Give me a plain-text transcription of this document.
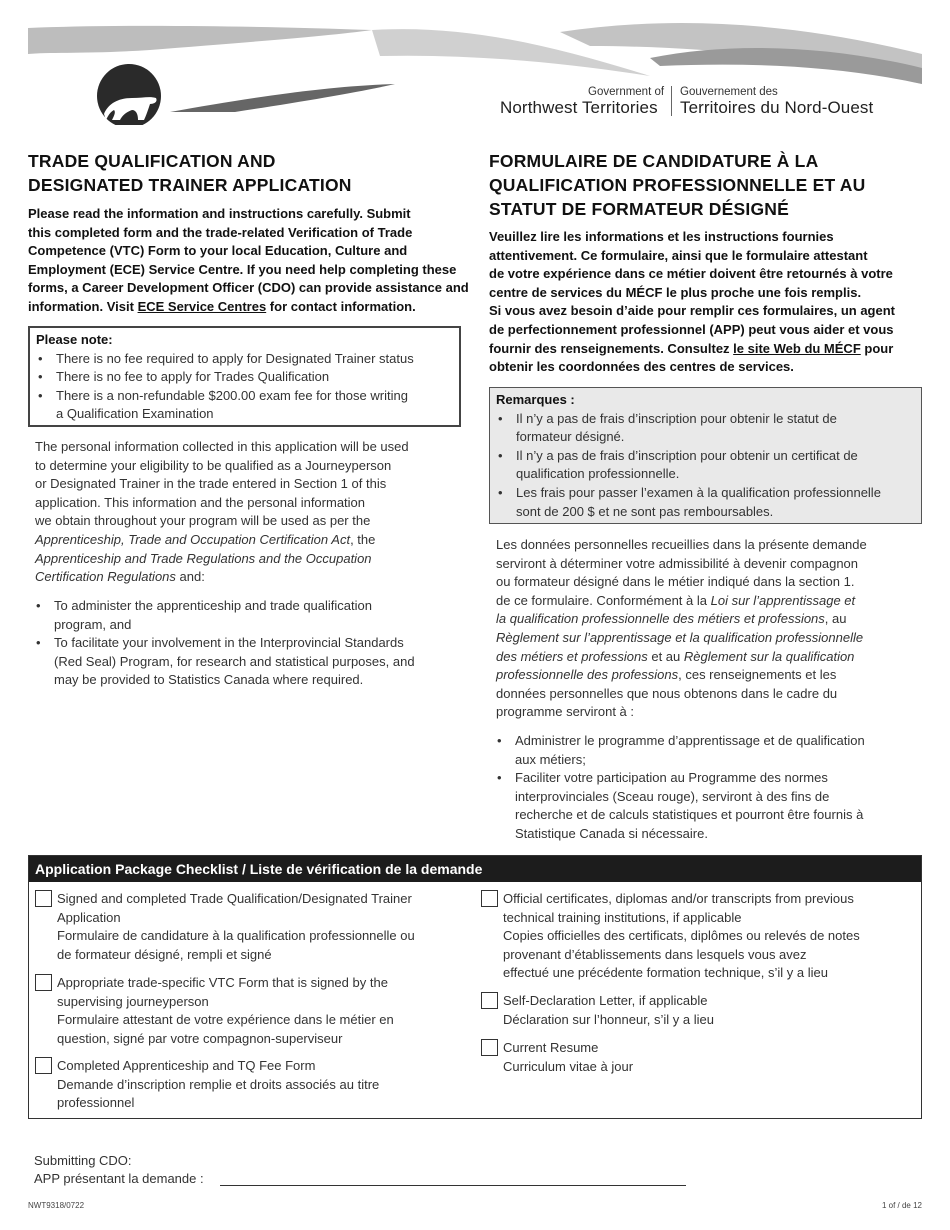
Government of
Northwest Territories
Gouvernement des
Territoires du Nord-Ouest
TRADE QUALIFICATION AND
DESIGNATED TRAINER APPLICATION
Please read the information and instructions carefully. Submit
this completed form and the trade-related Verification of Trade
Competence (VTC) Form to your local Education, Culture and
Employment (ECE) Service Centre. If you need help completing these
forms, a Career Development Officer (CDO) can provide assistance and
information. Visit ECE Service Centres for contact information.
Please note:
• There is no fee required to apply for Designated Trainer status
• There is no fee to apply for Trades Qualification
• There is a non-refundable $200.00 exam fee for those writing
a Qualification Examination
The personal information collected in this application will be used
to determine your eligibility to be qualified as a Journeyperson
or Designated Trainer in the trade entered in Section 1 of this
application. This information and the personal information
we obtain throughout your program will be used as per the
Apprenticeship, Trade and Occupation Certification Act, the
Apprenticeship and Trade Regulations and the Occupation
Certification Regulations and:
• To administer the apprenticeship and trade qualification
program, and
• To facilitate your involvement in the Interprovincial Standards
(Red Seal) Program, for research and statistical purposes, and
may be provided to Statistics Canada where required.
FORMULAIRE DE CANDIDATURE À LA
QUALIFICATION PROFESSIONNELLE ET AU
STATUT DE FORMATEUR DÉSIGNÉ
Veuillez lire les informations et les instructions fournies
attentivement. Ce formulaire, ainsi que le formulaire attestant
de votre expérience dans ce métier doivent être retournés à votre
centre de services du MÉCF le plus proche une fois remplis.
Si vous avez besoin d’aide pour remplir ces formulaires, un agent
de perfectionnement professionnel (APP) peut vous aider et vous
fournir des renseignements. Consultez le site Web du MÉCF pour
obtenir les coordonnées des centres de services.
Remarques :
• Il n’y a pas de frais d’inscription pour obtenir le statut de
formateur désigné.
• Il n’y a pas de frais d’inscription pour obtenir un certificat de
qualification professionnelle.
• Les frais pour passer l’examen à la qualification professionnelle
sont de 200 $ et ne sont pas remboursables.
Les données personnelles recueillies dans la présente demande
serviront à déterminer votre admissibilité à devenir compagnon
ou formateur désigné dans le métier indiqué dans la section 1.
de ce formulaire. Conformément à la Loi sur l’apprentissage et
la qualification professionnelle des métiers et professions, au
Règlement sur l’apprentissage et la qualification professionnelle
des métiers et professions et au Règlement sur la qualification
professionnelle des professions, ces renseignements et les
données personnelles que nous obtenons dans le cadre du
programme serviront à :
• Administrer le programme d’apprentissage et de qualification
aux métiers;
• Faciliter votre participation au Programme des normes
interprovinciales (Sceau rouge), serviront à des fins de
recherche et de calculs statistiques et pourront être fournis à
Statistique Canada si nécessaire.
Application Package Checklist / Liste de vérification de la demande
Signed and completed Trade Qualification/Designated Trainer
Application
Formulaire de candidature à la qualification professionnelle ou
de formateur désigné, rempli et signé
Appropriate trade-specific VTC Form that is signed by the
supervising journeyperson
Formulaire attestant de votre expérience dans le métier en
question, signé par votre compagnon-superviseur
Completed Apprenticeship and TQ Fee Form
Demande d’inscription remplie et droits associés au titre
professionnel
Official certificates, diplomas and/or transcripts from previous
technical training institutions, if applicable
Copies officielles des certificats, diplômes ou relevés de notes
provenant d’établissements dans lesquels vous avez
effectué une précédente formation technique, s’il y a lieu
Self-Declaration Letter, if applicable
Déclaration sur l’honneur, s’il y a lieu
Current Resume
Curriculum vitae à jour
Submitting CDO:
APP présentant la demande :
NWT9318/0722	1 of / de 12
